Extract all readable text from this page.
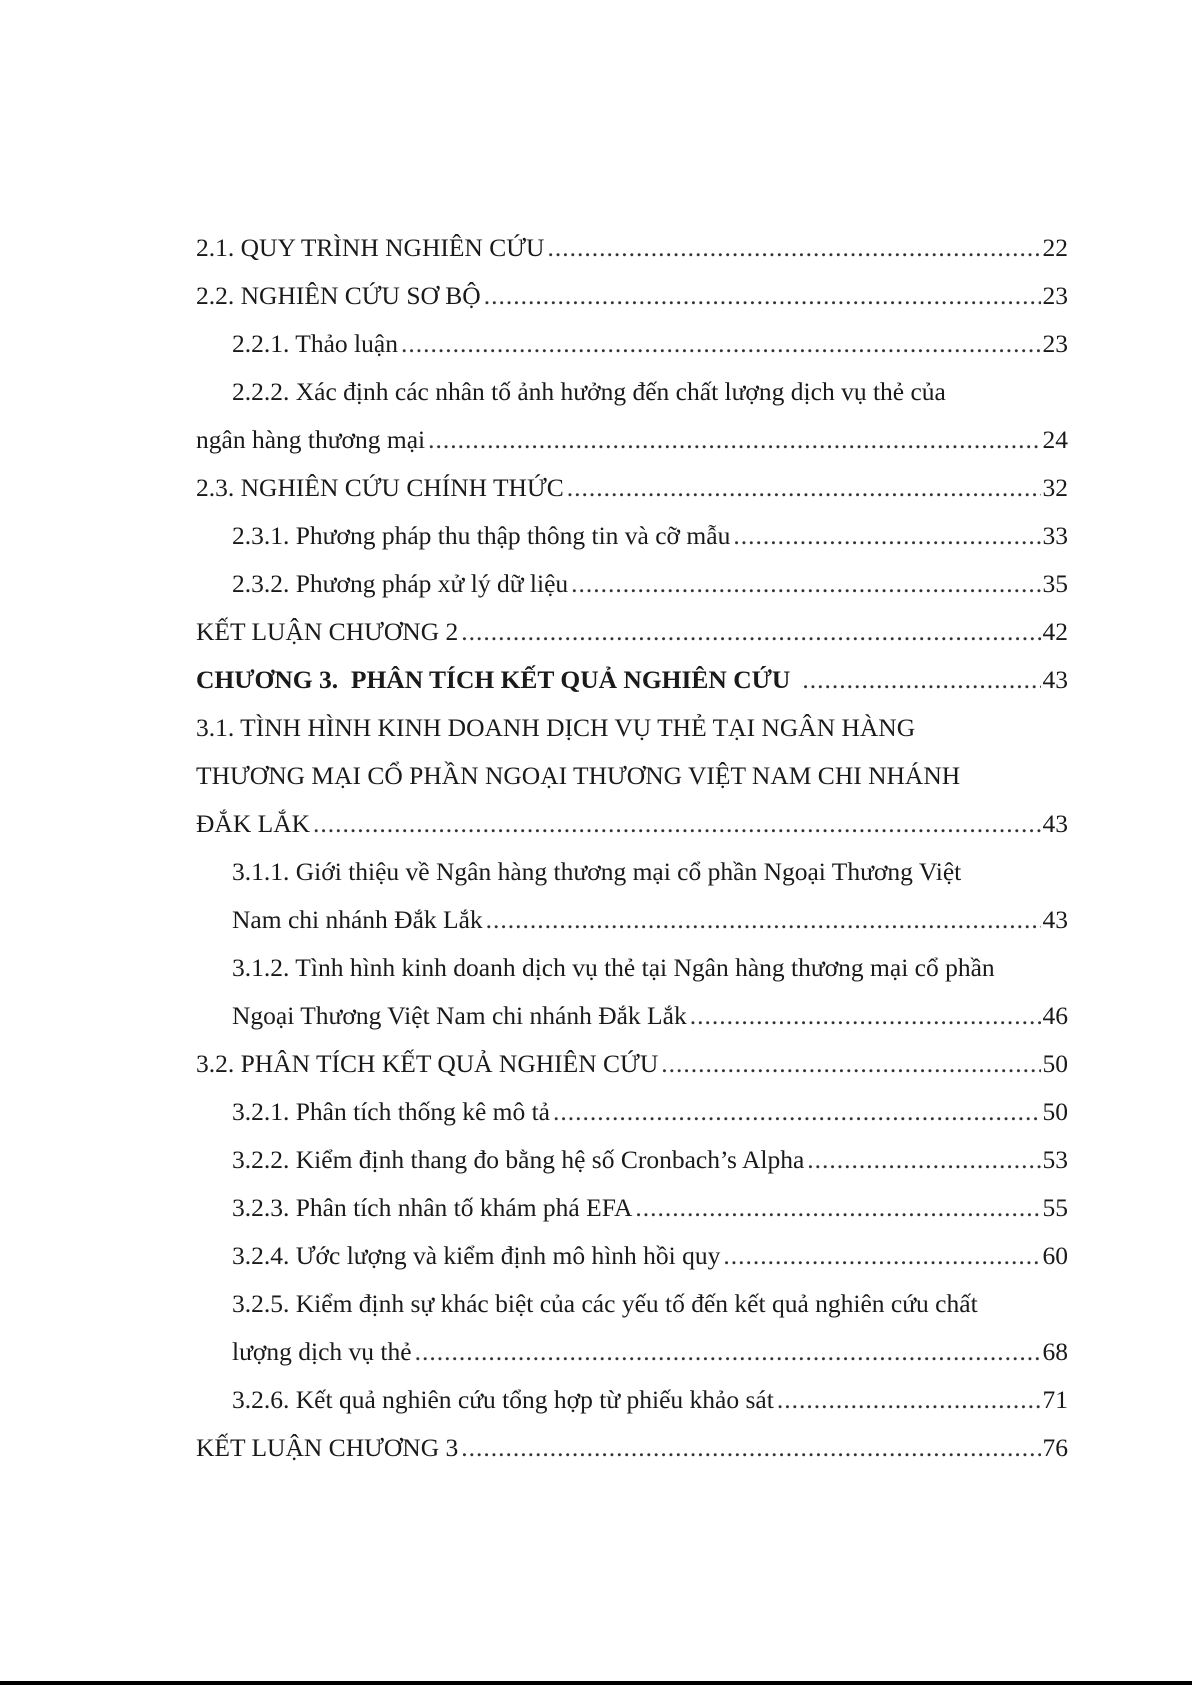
2.1. QUY TRÌNH NGHIÊN CỨU .....	22
2.2. NGHIÊN CỨU SƠ BỘ .....	23
2.2.1. Thảo luận .....	23
2.2.2. Xác định các nhân tố ảnh hưởng đến chất lượng dịch vụ thẻ của
ngân hàng thương mại .....	24
2.3. NGHIÊN CỨU CHÍNH THỨC .....	32
2.3.1. Phương pháp thu thập thông tin và cỡ mẫu .....	33
2.3.2. Phương pháp xử lý dữ liệu .....	35
KẾT LUẬN CHƯƠNG 2 .....	42
CHƯƠNG 3.  PHÂN TÍCH KẾT QUẢ NGHIÊN CỨU .....	43
3.1. TÌNH HÌNH KINH DOANH DỊCH VỤ THẺ TẠI NGÂN HÀNG
THƯƠNG MẠI CỔ PHẦN NGOẠI THƯƠNG VIỆT NAM CHI NHÁNH
ĐẮK LẮK .....	43
3.1.1. Giới thiệu về Ngân hàng thương mại cổ phần Ngoại Thương Việt
Nam chi nhánh Đắk Lắk .....	43
3.1.2. Tình hình kinh doanh dịch vụ thẻ tại Ngân hàng thương mại cổ phần
Ngoại Thương Việt Nam chi nhánh Đắk Lắk .....	46
3.2. PHÂN TÍCH KẾT QUẢ NGHIÊN CỨU .....	50
3.2.1. Phân tích thống kê mô tả .....	50
3.2.2. Kiểm định thang đo bằng hệ số Cronbach’s Alpha .....	53
3.2.3. Phân tích nhân tố khám phá EFA .....	55
3.2.4. Ước lượng và kiểm định mô hình hồi quy .....	60
3.2.5. Kiểm định sự khác biệt của các yếu tố đến kết quả nghiên cứu chất
lượng dịch vụ thẻ .....	68
3.2.6. Kết quả nghiên cứu tổng hợp từ phiếu khảo sát .....	71
KẾT LUẬN CHƯƠNG 3 .....	76
